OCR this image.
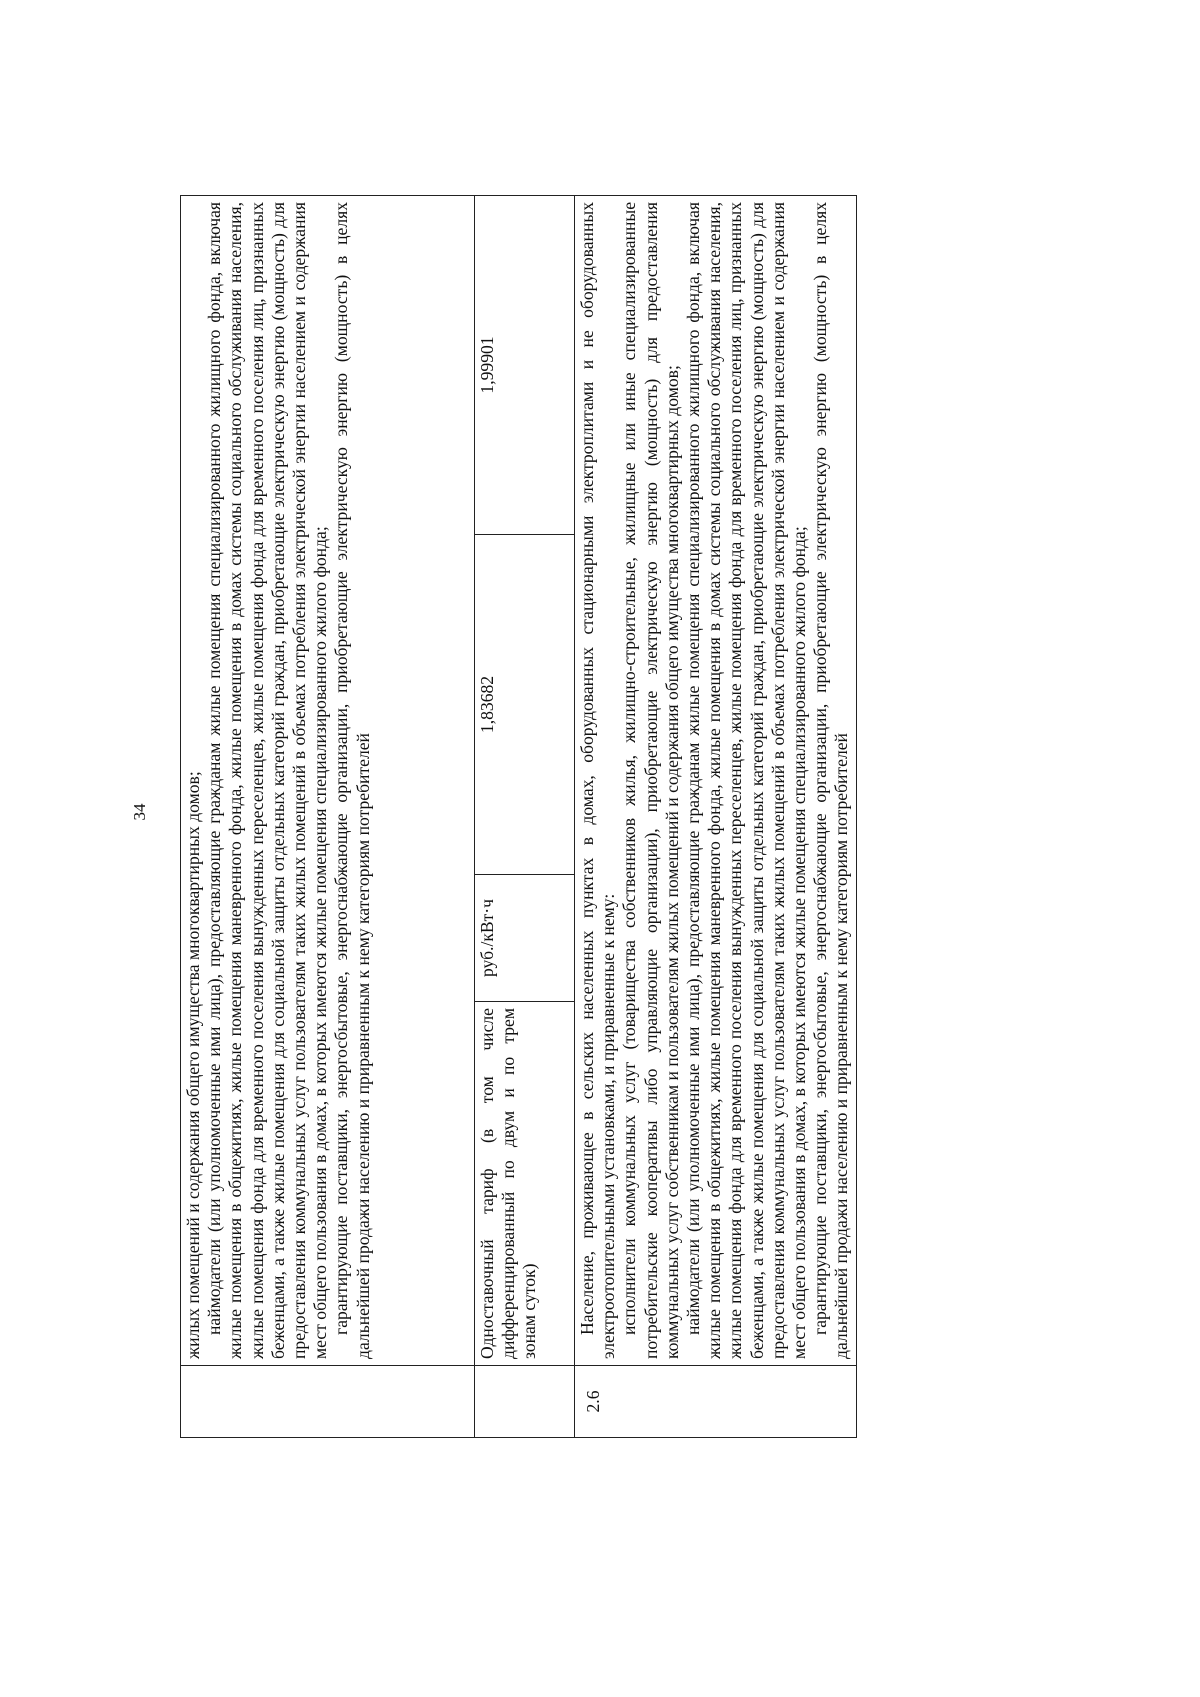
34

	жилых помещений и содержания общего имущества многоквартирных домов; наймодатели (или уполномоченные ими лица), предоставляющие гражданам жилые помещения специализированного жилищного фонда, включая жилые помещения в общежитиях, жилые помещения маневренного фонда, жилые помещения в домах системы социального обслуживания населения, жилые помещения фонда для временного поселения вынужденных переселенцев, жилые помещения фонда для временного поселения лиц, признанных беженцами, а также жилые помещения для социальной защиты отдельных категорий граждан, приобретающие электрическую энергию (мощность) для предоставления коммунальных услуг пользователям таких жилых помещений в объемах потребления электрической энергии населением и содержания мест общего пользования в домах, в которых имеются жилые помещения специализированного жилого фонда; гарантирующие поставщики, энергосбытовые, энергоснабжающие организации, приобретающие электрическую энергию (мощность) в целях дальнейшей продажи населению и приравненным к нему категориям потребителей			

	Одноставочный тариф (в том числе дифференцированный по двум и по трем зонам суток)	руб./кВт·ч	1,83682	1,99901
2.6	Население, проживающее в сельских населенных пунктах в домах, оборудованных стационарными электроплитами и не оборудованных электроотопительными установками, и приравненные к нему: исполнители коммунальных услуг (товарищества собственников жилья, жилищно-строительные, жилищные или иные специализированные потребительские кооперативы либо управляющие организации), приобретающие электрическую энергию (мощность) для предоставления коммунальных услуг собственникам и пользователям жилых помещений и содержания общего имущества многоквартирных домов; наймодатели (или уполномоченные ими лица), предоставляющие гражданам жилые помещения специализированного жилищного фонда, включая жилые помещения в общежитиях, жилые помещения маневренного фонда, жилые помещения в домах системы социального обслуживания населения, жилые помещения фонда для временного поселения вынужденных переселенцев, жилые помещения фонда для временного поселения лиц, признанных беженцами, а также жилые помещения для социальной защиты отдельных категорий граждан, приобретающие электрическую энергию (мощность) для предоставления коммунальных услуг пользователям таких жилых помещений в объемах потребления электрической энергии населением и содержания мест общего пользования в домах, в которых имеются жилые помещения специализированного жилого фонда; гарантирующие поставщики, энергосбытовые, энергоснабжающие организации, приобретающие электрическую энергию (мощность) в целях дальнейшей продажи населению и приравненным к нему категориям потребителей			
